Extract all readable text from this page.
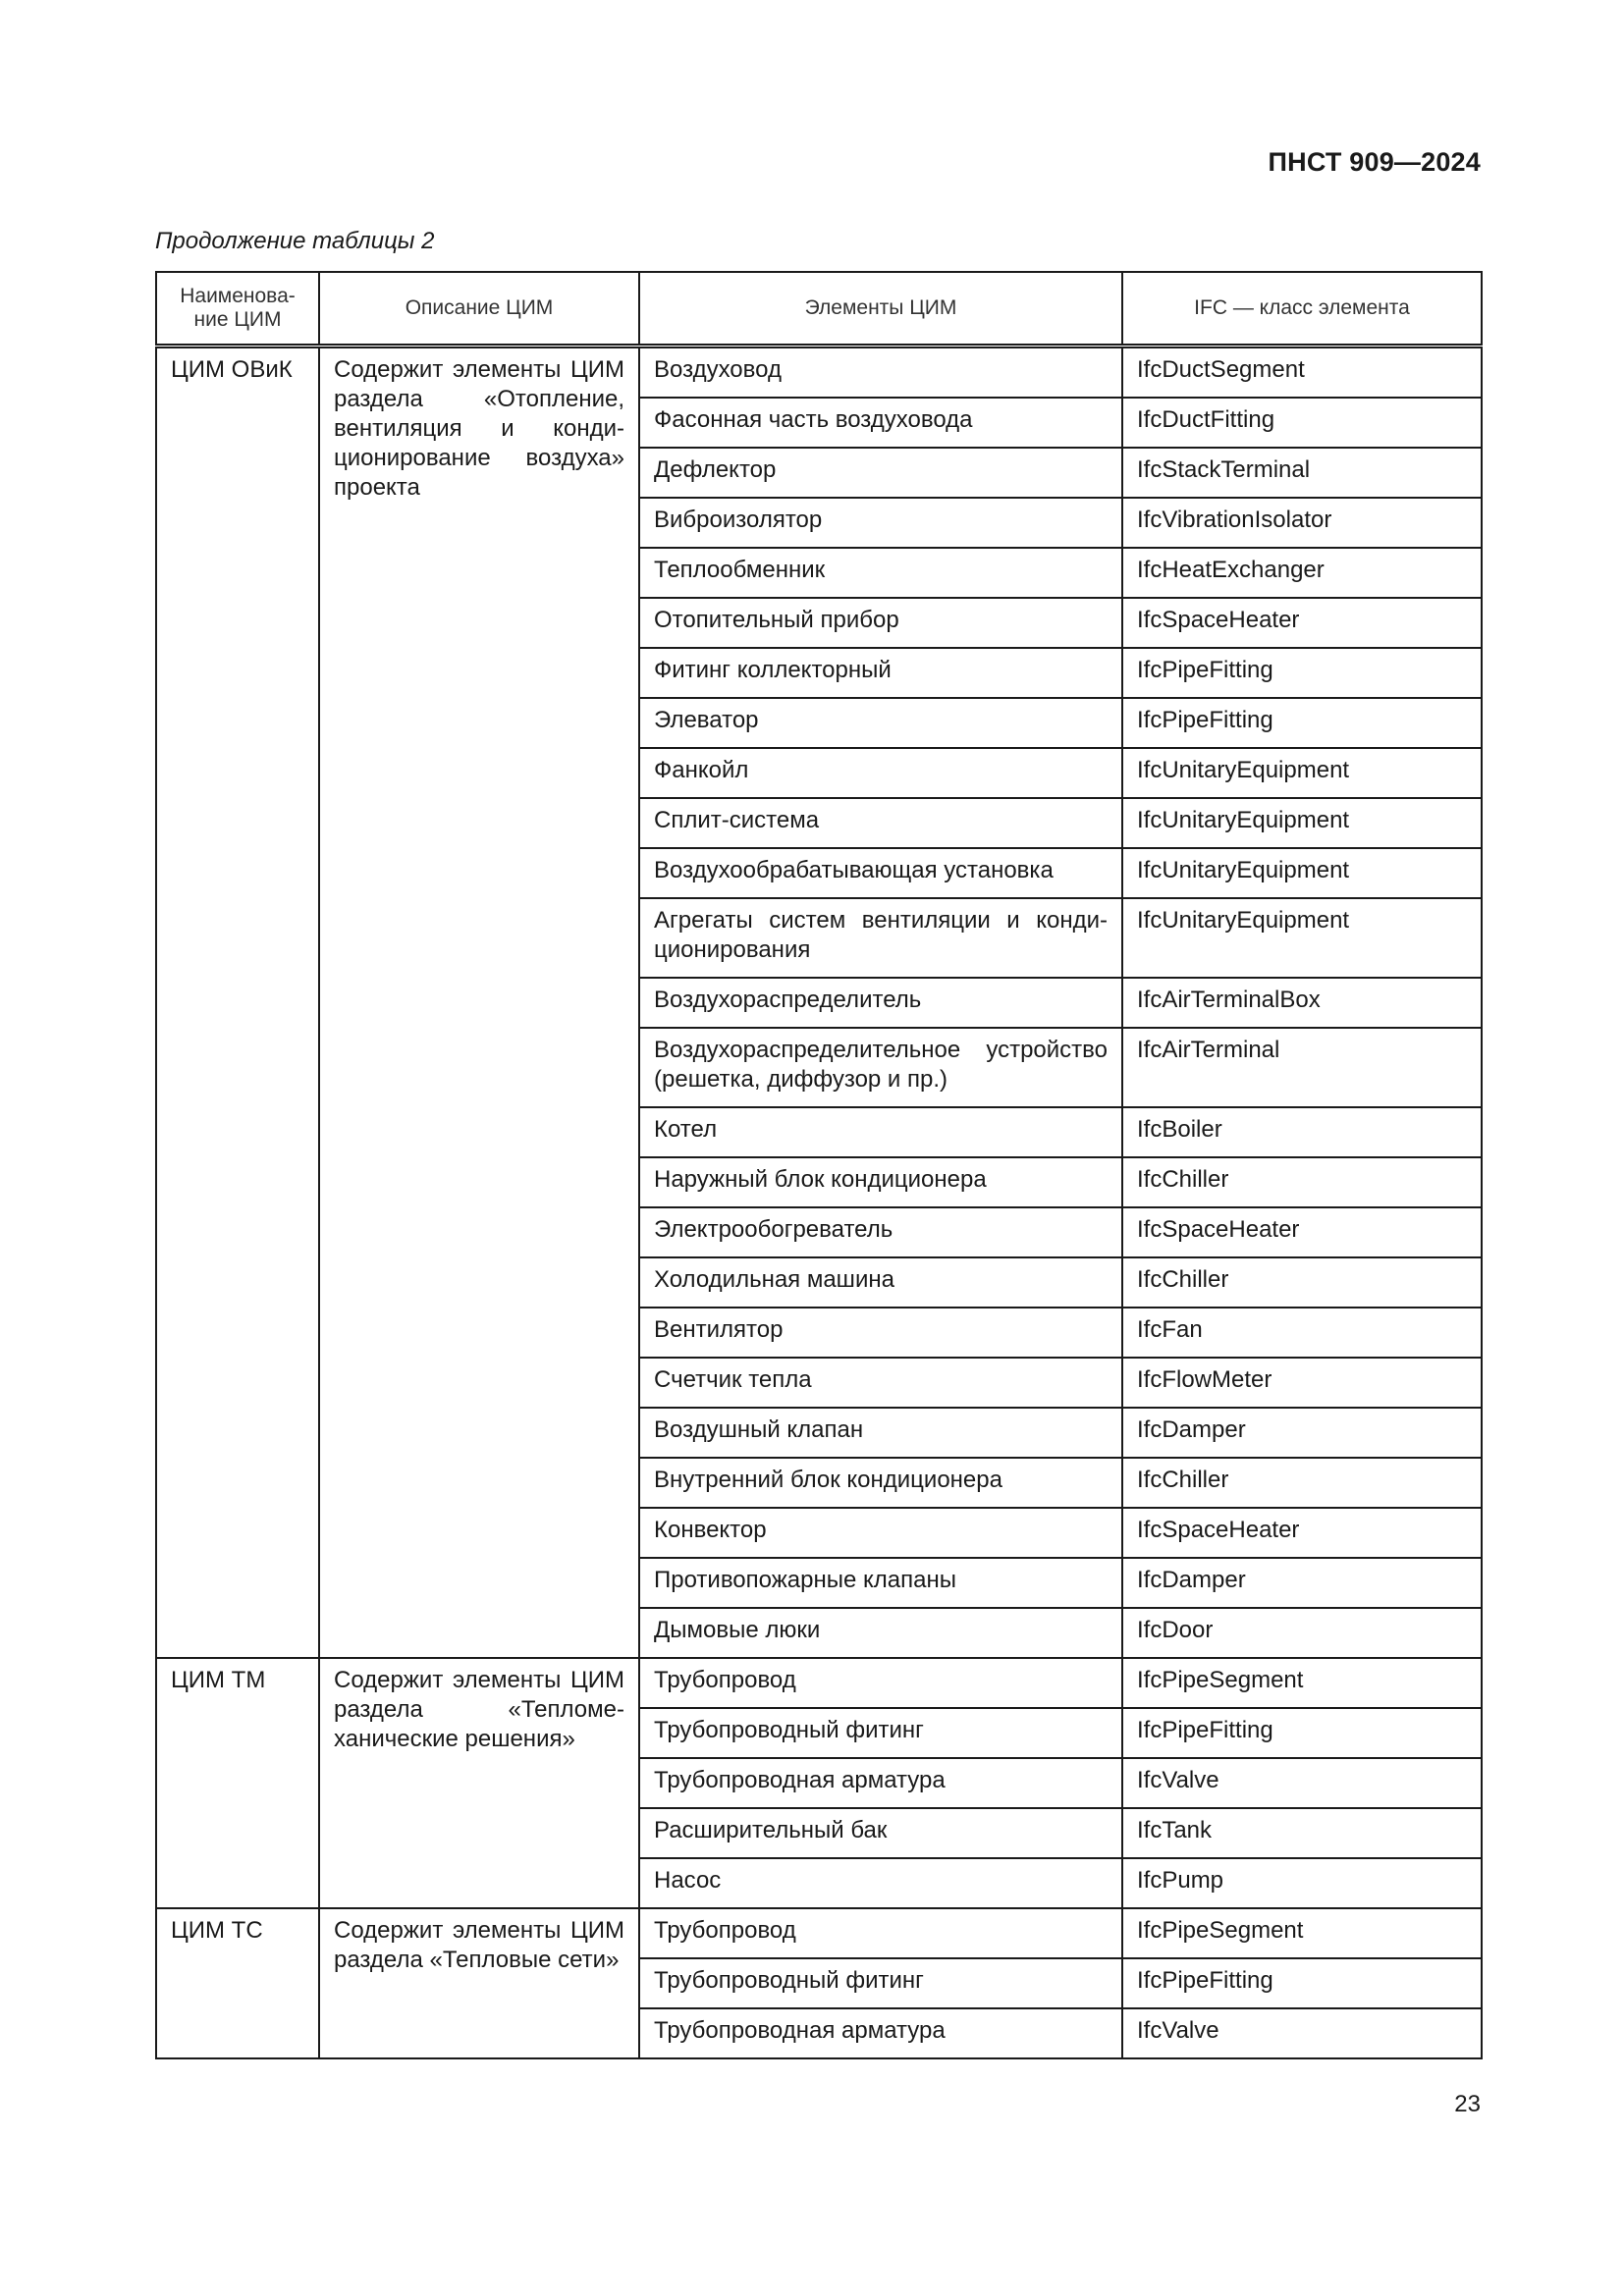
ПНСТ 909—2024
Продолжение таблицы 2
Наименова-
ние ЦИМ	Описание ЦИМ	Элементы ЦИМ	IFC — класс элемента

ЦИМ ОВиК	Содержит элементы ЦИМ раздела «Отопление, вентиляция и кондиционирование воздуха» проекта	Воздуховод	IfcDuctSegment

		Фасонная часть воздуховода	IfcDuctFitting

		Дефлектор	IfcStackTerminal

		Виброизолятор	IfcVibrationIsolator

		Теплообменник	IfcHeatExchanger

		Отопительный прибор	IfcSpaceHeater

		Фитинг коллекторный	IfcPipeFitting

		Элеватор	IfcPipeFitting

		Фанкойл	IfcUnitaryEquipment

		Сплит-система	IfcUnitaryEquipment

		Воздухообрабатывающая установка	IfcUnitaryEquipment

		Агрегаты систем вентиляции и кондиционирования	IfcUnitaryEquipment

		Воздухораспределитель	IfcAirTerminalBox

		Воздухораспределительное устройство (решетка, диффузор и пр.)	IfcAirTerminal

		Котел	IfcBoiler

		Наружный блок кондиционера	IfcChiller

		Электрообогреватель	IfcSpaceHeater

		Холодильная машина	IfcChiller

		Вентилятор	IfcFan

		Счетчик тепла	IfcFlowMeter

		Воздушный клапан	IfcDamper

		Внутренний блок кондиционера	IfcChiller

		Конвектор	IfcSpaceHeater

		Противопожарные клапаны	IfcDamper

		Дымовые люки	IfcDoor

ЦИМ ТМ	Содержит элементы ЦИМ раздела «Тепломеханические решения»	Трубопровод	IfcPipeSegment

		Трубопроводный фитинг	IfcPipeFitting

		Трубопроводная арматура	IfcValve

		Расширительный бак	IfcTank

		Насос	IfcPump

ЦИМ ТС	Содержит элементы ЦИМ раздела «Тепловые сети»	Трубопровод	IfcPipeSegment

		Трубопроводный фитинг	IfcPipeFitting

		Трубопроводная арматура	IfcValve
23
